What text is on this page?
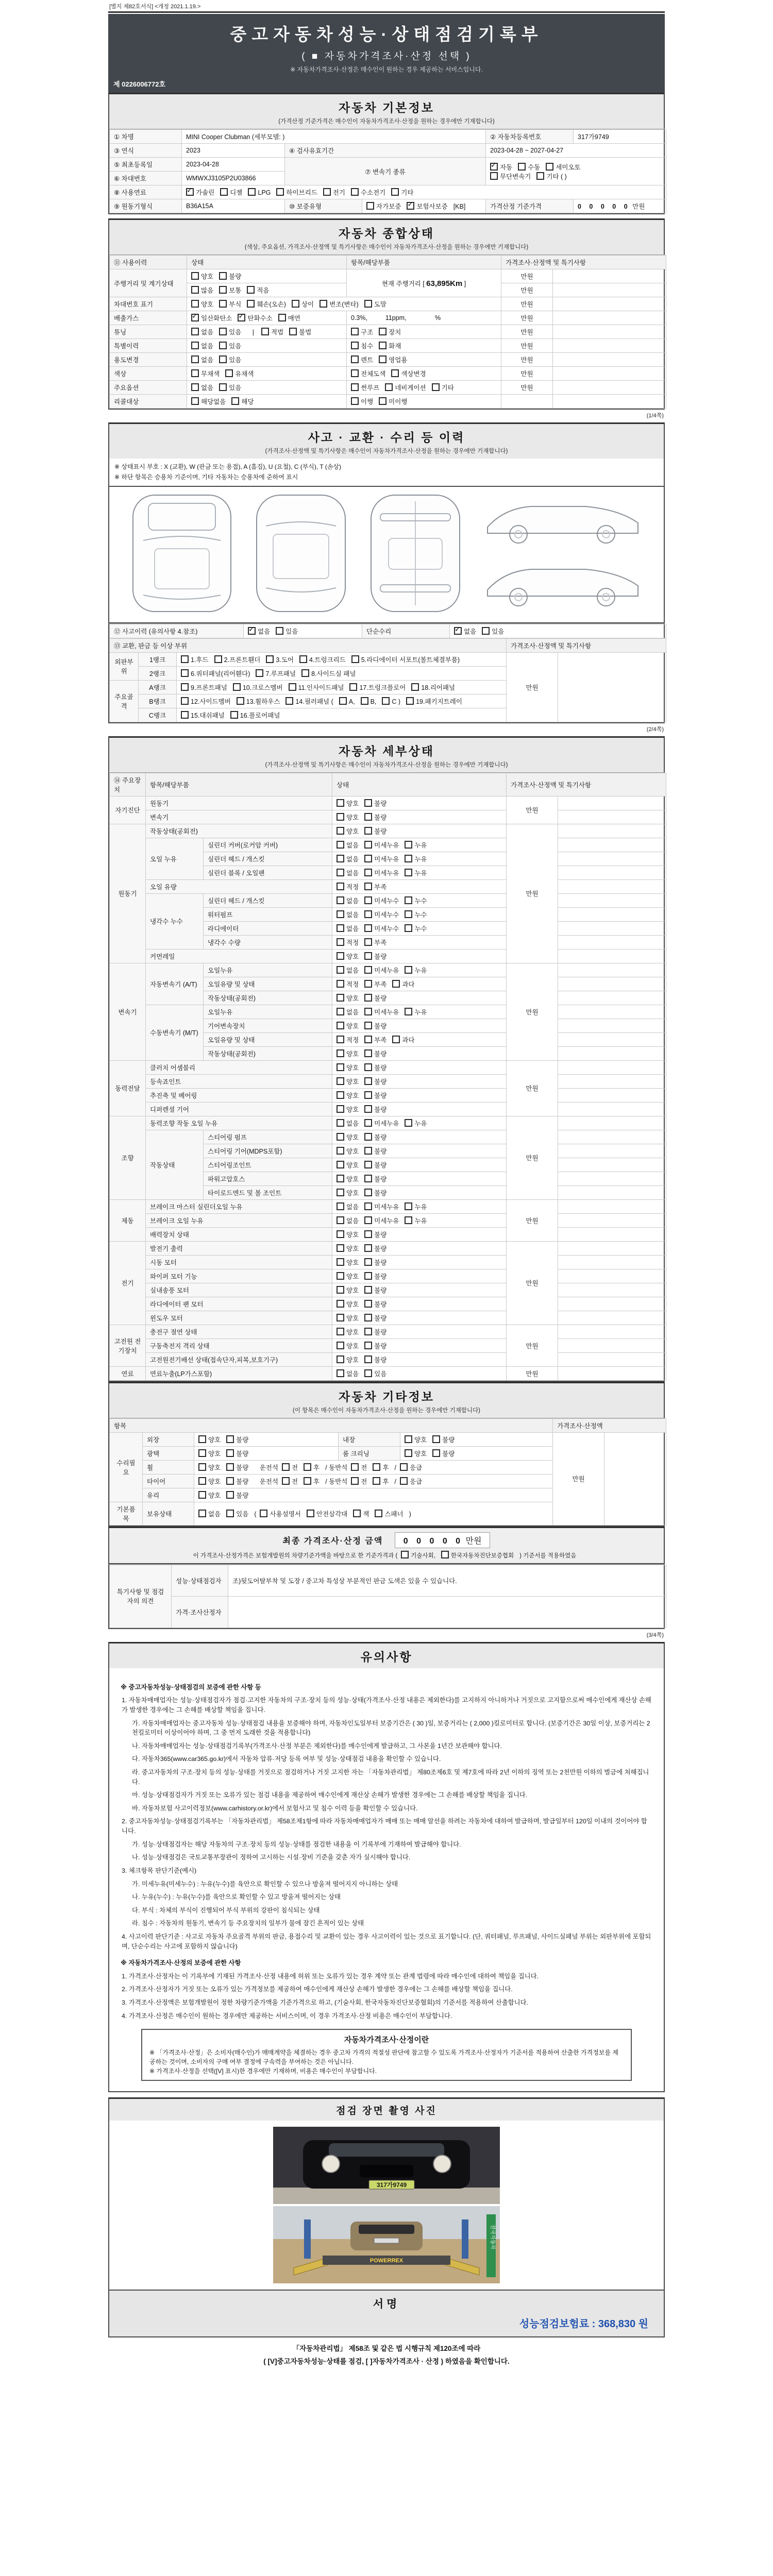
[별지 제82호서식] <개정 2021.1.19.>
중고자동차성능·상태점검기록부
( ■ 자동차가격조사·산정 선택 )
※ 자동차가격조사·산정은 매수인이 원하는 경우 제공하는 서비스입니다.
제 0226006772호
자동차 기본정보
(가격산정 기준가격은 매수인이 자동차가격조사·산정을 원하는 경우에만 기재합니다)
① 차명	MINI Cooper Clubman (세부모델: )			② 자동차등록번호	317가9749
③ 연식	2023	④ 검사유효기간		2023-04-28 ~ 2027-04-27	
⑤ 최초등록일	2023-04-28	⑦ 변속기 종류	✓자동 수동 세미오토
무단변속기 기타 ( )
⑥ 차대번호	WMWXJ3105P2U03866				
⑧ 사용연료	✓가솔린 디젤 LPG 하이브리드 전기 수소전기 기타
⑨ 원동기형식	B36A15A	⑩ 보증유형	자가보증 ✓ 보험사보증 [KB]	가격산정 기준가격	0 0 0 0 0 만원
자동차 종합상태
(색상, 주요옵션, 가격조사·산정액 및 특기사항은 매수인이 자동차가격조사·산정을 원하는 경우에만 기재합니다)
⑪ 사용이력	상태	항목/해당부품	가격조사·산정액 및 특기사항	
주행거리 및 계기상태	양호 불량	현재 주행거리 [ 63,895Km ]	만원	
	많음 보통 적음		만원	
차대번호 표기	양호 부식 훼손(오손) 상이 변조(변타) 도말		만원	
배출가스	✓일산화탄소 ✓ 탄화수소 매연	0.3%,          11ppm,                %	만원	
튜닝	없음 있음   |  적법 불법	구조 장치	만원	
특별이력	없음 있음	침수 화재	만원	
용도변경	없음 있음	렌트 영업용	만원	
색상	무채색 유채색	전체도색 색상변경	만원	
주요옵션	없음 있음	썬루프 네비게이션 기타	만원	
리콜대상	해당없음 해당	이행 미이행		
(1/4쪽)
사고 · 교환 · 수리 등 이력
(가격조사·산정액 및 특기사항은 매수인이 자동차가격조사·산정을 원하는 경우에만 기재합니다)
※ 상태표시 부호 : X (교환), W (판금 또는 용접), A (흠집), U (요철), C (부식), T (손상)
※ 하단 항목은 승용차 기준이며, 기타 자동차는 승용차에 준하여 표시
⑫ 사고이력 (유의사항 4.참조)	✓없음 있음	단순수리	✓없음 있음
⑬ 교환, 판금 등 이상 부위			가격조사·산정액 및 특기사항	
외판부위	1랭크	1.후드 2.프론트휀더 3.도어 4.트렁크리드 5.라디에이터 서포트(볼트체결부품)	만원	
	2랭크	6.쿼터패널(리어휀다) 7.루프패널 8.사이드실 패널		
주요골격	A랭크	9.프론트패널 10.크로스멤버 11.인사이드패널 17.트렁크플로어 18.리어패널		
	B랭크	12.사이드멤버 13.휠하우스 14.필러패널 ( A, B, C ) 19.패키지트레이		
	C랭크	15.대쉬패널 16.플로어패널		
(2/4쪽)
자동차 세부상태
(가격조사·산정액 및 특기사항은 매수인이 자동차가격조사·산정을 원하는 경우에만 기재합니다)
⑭ 주요장치	항목/해당부품		상태	가격조사·산정액 및 특기사항	
자기진단	원동기		양호 불량	만원	
	변속기		양호 불량		
원동기	작동상태(공회전)		양호 불량	만원	
	오일 누유	실린더 커버(로커암 커버)	없음 미세누유 누유		
		실린더 헤드 / 개스킷	없음 미세누유 누유		
		실린더 블록 / 오일팬	없음 미세누유 누유		
	오일 유량		적정 부족		
	냉각수 누수	실린더 헤드 / 개스킷	없음 미세누수 누수		
		워터펌프	없음 미세누수 누수		
		라디에이터	없음 미세누수 누수		
		냉각수 수량	적정 부족		
	커먼레일		양호 불량		
변속기	자동변속기 (A/T)	오일누유	없음 미세누유 누유	만원	
		오일유량 및 상태	적정 부족 과다		
		작동상태(공회전)	양호 불량		
	수동변속기 (M/T)	오일누유	없음 미세누유 누유		
		기어변속장치	양호 불량		
		오일유량 및 상태	적정 부족 과다		
		작동상태(공회전)	양호 불량		
동력전달	클러치 어셈블리		양호 불량	만원	
	등속죠인트		양호 불량		
	추진축 및 베어링		양호 불량		
	디퍼렌셜 기어		양호 불량		
조향	동력조향 작동 오일 누유		없음 미세누유 누유	만원	
	작동상태	스티어링 펌프	양호 불량		
		스티어링 기어(MDPS포함)	양호 불량		
		스티어링조인트	양호 불량		
		파워고압호스	양호 불량		
		타이로드엔드 및 볼 조인트	양호 불량		
제동	브레이크 마스터 실린더오일 누유		없음 미세누유 누유	만원	
	브레이크 오일 누유		없음 미세누유 누유		
	배력장치 상태		양호 불량		
전기	발전기 출력		양호 불량	만원	
	시동 모터		양호 불량		
	와이퍼 모터 기능		양호 불량		
	실내송풍 모터		양호 불량		
	라디에이터 팬 모터		양호 불량		
	윈도우 모터		양호 불량		
고전원 전기장치	충전구 절연 상태		양호 불량	만원	
	구동축전지 격리 상태		양호 불량		
	고전원전기배선 상태(접속단자,피복,보호기구)		양호 불량		
연료	연료누출(LP가스포함)		없음 있음	만원	
자동차 기타정보
(이 항목은 매수인이 자동차가격조사·산정을 원하는 경우에만 기재합니다)
항목					가격조사·산정액	
수리필요	외장	양호 불량	내장	양호 불량	만원	
	광택	양호 불량	룸 크리닝	양호 불량		
	휠	양호 불량   운전석 전 후 / 동반석 전 후 / 응급				
	타이어	양호 불량   운전석 전 후 / 동반석 전 후 / 응급				
	유리	양호 불량				
기본품목	보유상태	없음 있음 ( 사용설명서 안전삼각대 잭 스패너 )				
최종 가격조사·산정 금액 0 0 0 0 0 만원
이 가격조사·산정가격은 보험개발원의 차량기준가액을 바탕으로 한 기준가격과 ( 기술사회,	한국자동차진단보증협회 ) 기준서를 적용하였음
특기사항 및 점검자의 의견	성능·상태점검자	조)뒷도어탈부착 및 도장 / 중고차 특성상 부분적인 판금 도색은 있을 수 있습니다.
	가격·조사산정자	
(3/4쪽)
유의사항
※ 중고자동차성능·상태점검의 보증에 관한 사항 등
1. 자동차매매업자는 성능·상태점검자가 점검·고지한 자동차의 구조·장치 등의 성능·상태(가격조사·산정 내용은 제외한다)를 고지하지 아니하거나 거짓으로 고지함으로써 매수인에게 재산상 손해가 발생한 경우에는 그 손해를 배상할 책임을 집니다.
가. 자동차매매업자는 중고자동차 성능·상태점검 내용을 보증해야 하며, 자동차인도일부터 보증기간은 ( 30 )일, 보증거리는 ( 2,000 )킬로미터로 합니다. (보증기간은 30일 이상, 보증거리는 2천킬로미터 이상이어야 하며, 그 중 먼저 도래한 것을 적용합니다)
나. 자동차매매업자는 성능·상태점검기록부(가격조사·산정 부분은 제외한다)를 매수인에게 발급하고, 그 사본을 1년간 보관해야 합니다.
다. 자동차365(www.car365.go.kr)에서 자동차 압류·저당 등록 여부 및 성능·상태점검 내용을 확인할 수 있습니다.
라. 중고자동차의 구조·장치 등의 성능·상태를 거짓으로 점검하거나 거짓 고지한 자는 「자동차관리법」 제80조제6호 및 제7호에 따라 2년 이하의 징역 또는 2천만원 이하의 벌금에 처해집니다.
마. 성능·상태점검자가 거짓 또는 오류가 있는 점검 내용을 제공하여 매수인에게 재산상 손해가 발생한 경우에는 그 손해를 배상할 책임을 집니다.
바. 자동차보험 사고이력정보(www.carhistory.or.kr)에서 보험사고 및 침수 이력 등을 확인할 수 있습니다.
2. 중고자동차성능·상태점검기록부는 「자동차관리법」 제58조제1항에 따라 자동차매매업자가 매매 또는 매매 알선을 하려는 자동차에 대하여 발급하며, 발급일부터 120일 이내의 것이어야 합니다.
가. 성능·상태점검자는 해당 자동차의 구조·장치 등의 성능·상태를 점검한 내용을 이 기록부에 기재하여 발급해야 합니다.
나. 성능·상태점검은 국토교통부장관이 정하여 고시하는 시설·장비 기준을 갖춘 자가 실시해야 합니다.
3. 체크항목 판단기준(예시)
가. 미세누유(미세누수) : 누유(누수)를 육안으로 확인할 수 있으나 방울져 떨어지지 아니하는 상태
나. 누유(누수) : 누유(누수)를 육안으로 확인할 수 있고 방울져 떨어지는 상태
다. 부식 : 차체의 부식이 진행되어 부식 부위의 강판이 침식되는 상태
라. 침수 : 자동차의 원동기, 변속기 등 주요장치의 일부가 물에 잠긴 흔적이 있는 상태
4. 사고이력 판단기준 : 사고로 자동차 주요골격 부위의 판금, 용접수리 및 교환이 있는 경우 사고이력이 있는 것으로 표기합니다. (단, 쿼터패널, 루프패널, 사이드실패널 부위는 외판부위에 포함되며, 단순수리는 사고에 포함하지 않습니다)
※ 자동차가격조사·산정의 보증에 관한 사항
1. 가격조사·산정자는 이 기록부에 기재된 가격조사·산정 내용에 허위 또는 오류가 있는 경우 계약 또는 관계 법령에 따라 매수인에 대하여 책임을 집니다.
2. 가격조사·산정자가 거짓 또는 오류가 있는 가격정보를 제공하여 매수인에게 재산상 손해가 발생한 경우에는 그 손해를 배상할 책임을 집니다.
3. 가격조사·산정액은 보험개발원이 정한 차량기준가액을 기준가격으로 하고, (기술사회, 한국자동차진단보증협회)의 기준서를 적용하여 산출합니다.
4. 가격조사·산정은 매수인이 원하는 경우에만 제공하는 서비스이며, 이 경우 가격조사·산정 비용은 매수인이 부담합니다.
자동차가격조사·산정이란
※ 「가격조사·산정」은 소비자(매수인)가 매매계약을 체결하는 경우 중고차 가격의 적절성 판단에 참고할 수 있도록 가격조사·산정자가 기준서를 적용하여 산출한 가격정보를 제공하는 것이며, 소비자의 구매 여부 결정에 구속력을 부여하는 것은 아닙니다.
※ 가격조사·산정을 선택([V] 표시)한 경우에만 기재하며, 비용은 매수인이 부담합니다.
점검 장면 촬영 사진
317가9749
POWERREX
전국자동차
서명
성능점검보험료 : 368,830 원
「자동차관리법」 제58조 및 같은 법 시행규칙 제120조에 따라
( [V]중고자동차성능·상태를 점검, [ ]자동차가격조사 · 산정 ) 하였음을 확인합니다.
